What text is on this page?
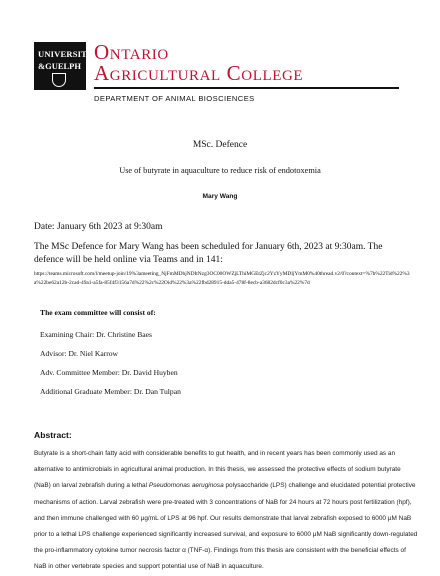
UNIVERSITY
&GUELPH
Ontario
Agricultural College
DEPARTMENT OF ANIMAL BIOSCIENCES
MSc. Defence
Use of butyrate in aquaculture to reduce risk of endotoxemia
Mary Wang
Date: January 6th 2023 at 9:30am
The MSc Defence for Mary Wang has been scheduled for January 6th, 2023 at 9:30am. The defence will be held online via Teams and in 141:
https://teams.microsoft.com/l/meetup-join/19%3ameeting_NjFmMDhjNDItNzg3OC00OWZjLThiMGEtZjc2YzYyMDljYmM0%40thread.v2/0?context=%7b%22Tid%22%3a%22be62a12b-2cad-49a1-a5fa-85f4f3156a7d%22%2c%22Oid%22%3a%22fbd28915-dda5-478f-8ecb-a3682dcf0c3a%22%7d
The exam committee will consist of:
Examining Chair: Dr. Christine Baes
Advisor: Dr. Niel Karrow
Adv. Committee Member: Dr. David Huyben
Additional Graduate Member: Dr. Dan Tulpan
Abstract:

Butyrate is a short-chain fatty acid with considerable benefits to gut health, and in recent years has been commonly used as an alternative to antimicrobials in agricultural animal production. In this thesis, we assessed the protective effects of sodium butyrate (NaB) on larval zebrafish during a lethal Pseudomonas aeruginosa polysaccharide (LPS) challenge and elucidated potential protective mechanisms of action. Larval zebrafish were pre-treated with 3 concentrations of NaB for 24 hours at 72 hours post fertilization (hpf), and then immune challenged with 60 µg/mL of LPS at 96 hpf. Our results demonstrate that larval zebrafish exposed to 6000 µM NaB prior to a lethal LPS challenge experienced significantly increased survival, and exposure to 6000 µM NaB significantly down-regulated the pro-inflammatory cytokine tumor necrosis factor α (TNF-α). Findings from this thesis are consistent with the beneficial effects of NaB in other vertebrate species and support potential use of NaB in aquaculture.
